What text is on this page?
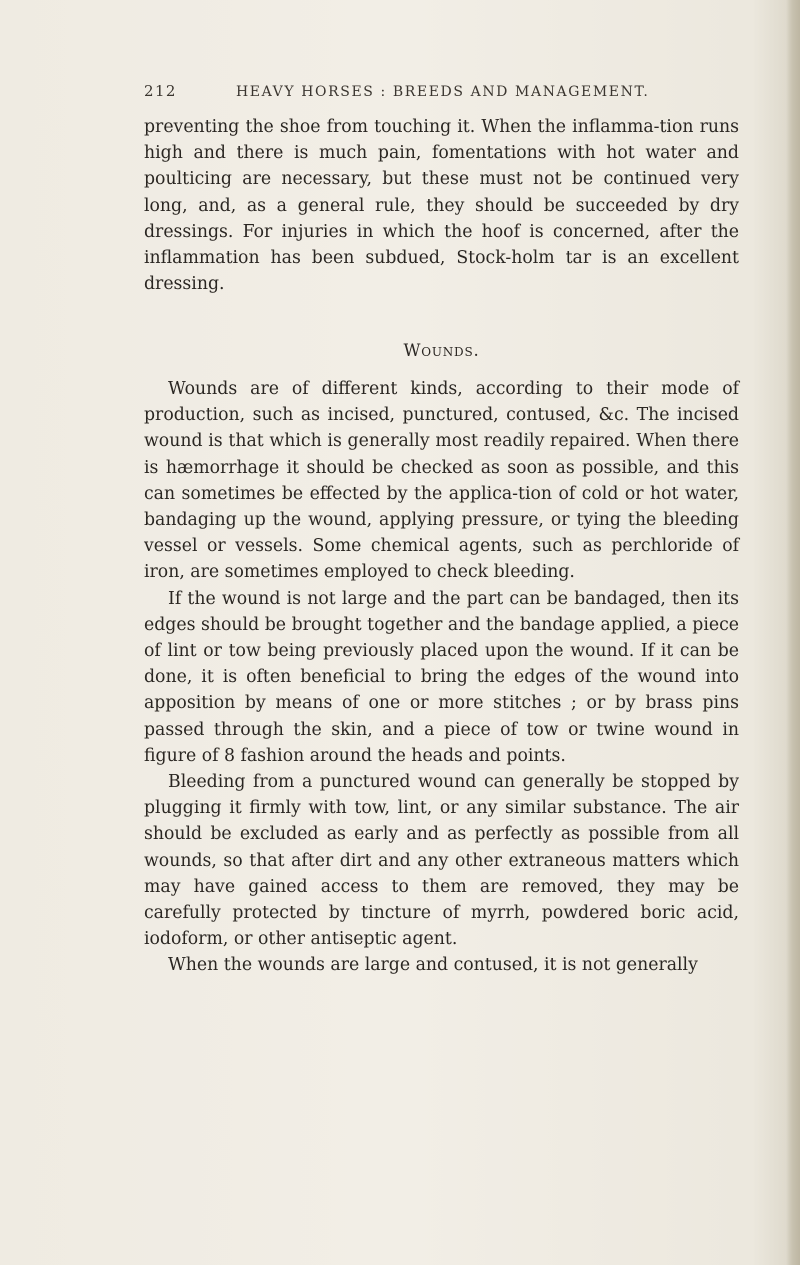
212	HEAVY HORSES : BREEDS AND MANAGEMENT.
preventing the shoe from touching it. When the inflamma-tion runs high and there is much pain, fomentations with hot water and poulticing are necessary, but these must not be continued very long, and, as a general rule, they should be succeeded by dry dressings. For injuries in which the hoof is concerned, after the inflammation has been subdued, Stock-holm tar is an excellent dressing.
Wounds.

Wounds are of different kinds, according to their mode of production, such as incised, punctured, contused, &c. The incised wound is that which is generally most readily repaired. When there is hæmorrhage it should be checked as soon as possible, and this can sometimes be effected by the applica-tion of cold or hot water, bandaging up the wound, applying pressure, or tying the bleeding vessel or vessels. Some chemical agents, such as perchloride of iron, are sometimes employed to check bleeding.

If the wound is not large and the part can be bandaged, then its edges should be brought together and the bandage applied, a piece of lint or tow being previously placed upon the wound. If it can be done, it is often beneficial to bring the edges of the wound into apposition by means of one or more stitches ; or by brass pins passed through the skin, and a piece of tow or twine wound in figure of 8 fashion around the heads and points.

Bleeding from a punctured wound can generally be stopped by plugging it firmly with tow, lint, or any similar substance. The air should be excluded as early and as perfectly as possible from all wounds, so that after dirt and any other extraneous matters which may have gained access to them are removed, they may be carefully protected by tincture of myrrh, powdered boric acid, iodoform, or other antiseptic agent.

When the wounds are large and contused, it is not generally
